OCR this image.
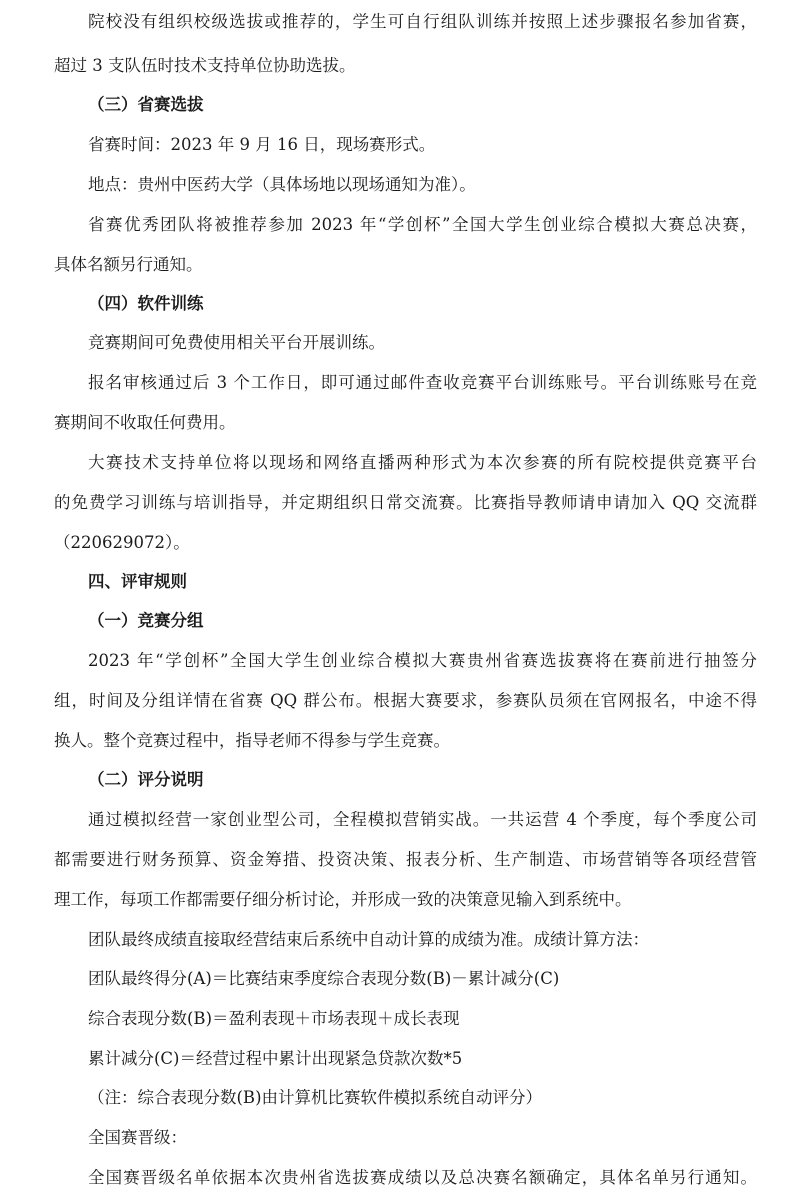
院校没有组织校级选拔或推荐的，学生可自行组队训练并按照上述步骤报名参加省赛，
超过 3 支队伍时技术支持单位协助选拔。
（三）省赛选拔
省赛时间：2023 年 9 月 16 日，现场赛形式。
地点：贵州中医药大学（具体场地以现场通知为准）。
省赛优秀团队将被推荐参加 2023 年“学创杯”全国大学生创业综合模拟大赛总决赛，
具体名额另行通知。
（四）软件训练
竞赛期间可免费使用相关平台开展训练。
报名审核通过后 3 个工作日，即可通过邮件查收竞赛平台训练账号。平台训练账号在竞
赛期间不收取任何费用。
大赛技术支持单位将以现场和网络直播两种形式为本次参赛的所有院校提供竞赛平台
的免费学习训练与培训指导，并定期组织日常交流赛。比赛指导教师请申请加入 QQ 交流群
（220629072）。
四、评审规则
（一）竞赛分组
2023 年“学创杯”全国大学生创业综合模拟大赛贵州省赛选拔赛将在赛前进行抽签分
组，时间及分组详情在省赛 QQ 群公布。根据大赛要求，参赛队员须在官网报名，中途不得
换人。整个竞赛过程中，指导老师不得参与学生竞赛。
（二）评分说明
通过模拟经营一家创业型公司，全程模拟营销实战。一共运营 4 个季度，每个季度公司
都需要进行财务预算、资金筹措、投资决策、报表分析、生产制造、市场营销等各项经营管
理工作，每项工作都需要仔细分析讨论，并形成一致的决策意见输入到系统中。
团队最终成绩直接取经营结束后系统中自动计算的成绩为准。成绩计算方法：
团队最终得分(A)＝比赛结束季度综合表现分数(B)－累计减分(C)
综合表现分数(B)＝盈利表现＋市场表现＋成长表现
累计减分(C)＝经营过程中累计出现紧急贷款次数*5
（注：综合表现分数(B)由计算机比赛软件模拟系统自动评分）
全国赛晋级：
全国赛晋级名单依据本次贵州省选拔赛成绩以及总决赛名额确定，具体名单另行通知。
